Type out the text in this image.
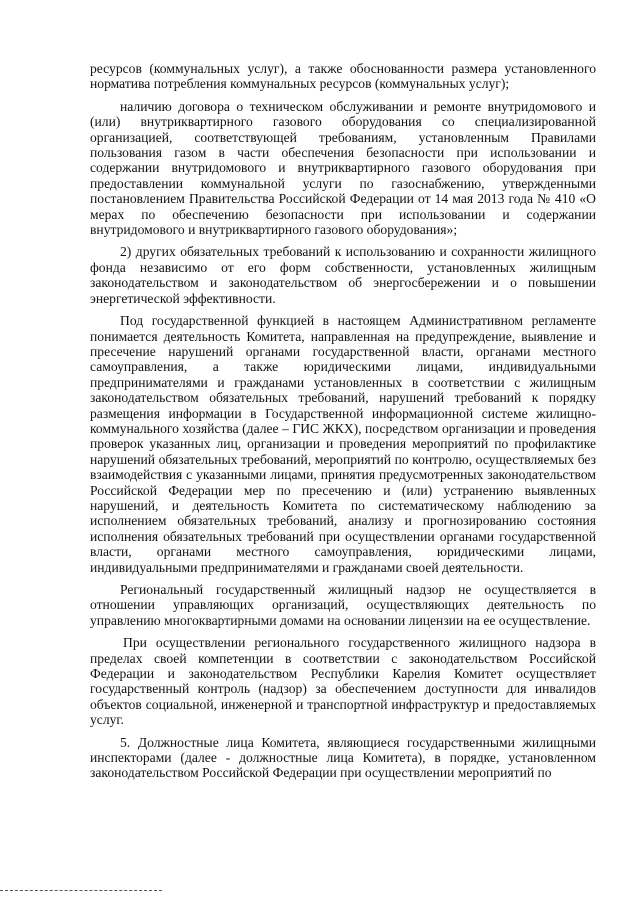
ресурсов (коммунальных услуг), а также обоснованности размера установленного норматива потребления коммунальных ресурсов (коммунальных услуг);

наличию договора о техническом обслуживании и ремонте внутридомового и (или) внутриквартирного газового оборудования со специализированной организацией, соответствующей требованиям, установленным Правилами пользования газом в части обеспечения безопасности при использовании и содержании внутридомового и внутриквартирного газового оборудования при предоставлении коммунальной услуги по газоснабжению, утвержденными постановлением Правительства Российской Федерации от 14 мая 2013 года № 410 «О мерах по обеспечению безопасности при использовании и содержании внутридомового и внутриквартирного газового оборудования»;

2) других обязательных требований к использованию и сохранности жилищного фонда независимо от его форм собственности, установленных жилищным законодательством и законодательством об энергосбережении и о повышении энергетической эффективности.

Под государственной функцией в настоящем Административном регламенте понимается деятельность Комитета, направленная на предупреждение, выявление и пресечение нарушений органами государственной власти, органами местного самоуправления, а также юридическими лицами, индивидуальными предпринимателями и гражданами установленных в соответствии с жилищным законодательством обязательных требований, нарушений требований к порядку размещения информации в Государственной информационной системе жилищно-коммунального хозяйства (далее – ГИС ЖКХ), посредством организации и проведения проверок указанных лиц, организации и проведения мероприятий по профилактике нарушений обязательных требований, мероприятий по контролю, осуществляемых без взаимодействия с указанными лицами, принятия предусмотренных законодательством Российской Федерации мер по пресечению и (или) устранению выявленных нарушений, и деятельность Комитета по систематическому наблюдению за исполнением обязательных требований, анализу и прогнозированию состояния исполнения обязательных требований при осуществлении органами государственной власти, органами местного самоуправления, юридическими лицами, индивидуальными предпринимателями и гражданами своей деятельности.

Региональный государственный жилищный надзор не осуществляется в отношении управляющих организаций, осуществляющих деятельность по управлению многоквартирными домами на основании лицензии на ее осуществление.

При осуществлении регионального государственного жилищного надзора в пределах своей компетенции в соответствии с законодательством Российской Федерации и законодательством Республики Карелия Комитет осуществляет государственный контроль (надзор) за обеспечением доступности для инвалидов объектов социальной, инженерной и транспортной инфраструктур и предоставляемых услуг.

5. Должностные лица Комитета, являющиеся государственными жилищными инспекторами (далее - должностные лица Комитета), в порядке, установленном законодательством Российской Федерации при осуществлении мероприятий по
